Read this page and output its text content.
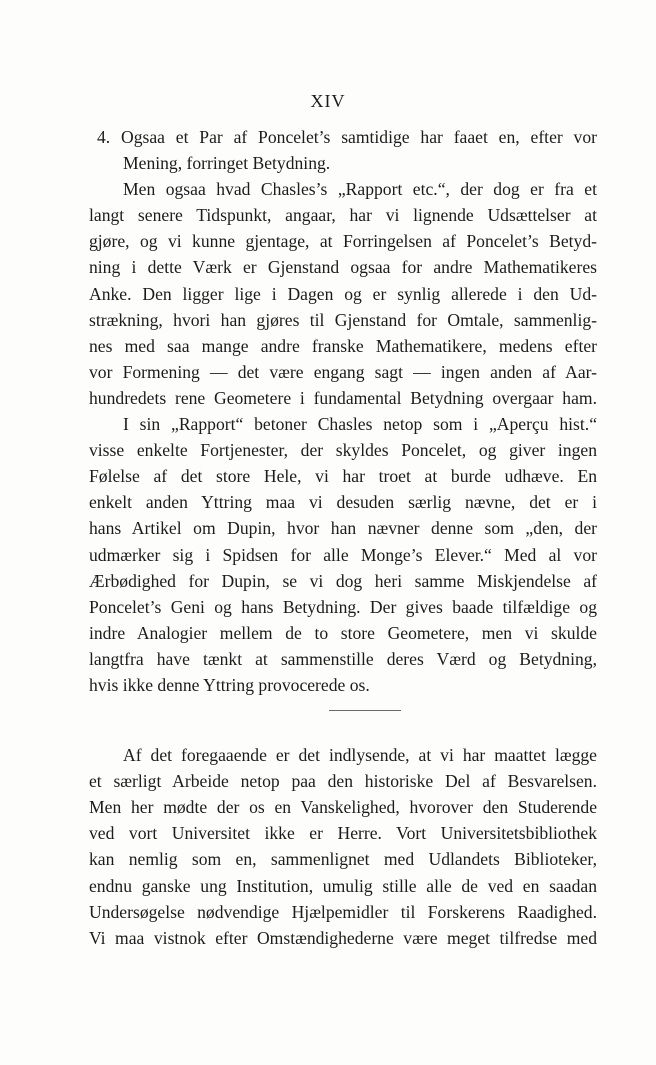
XIV
4. Ogsaa et Par af Poncelet’s samtidige har faaet en, efter vor
Mening, forringet Betydning.
Men ogsaa hvad Chasles’s „Rapport etc.“, der dog er fra et
langt senere Tidspunkt, angaar, har vi lignende Udsættelser at
gjøre, og vi kunne gjentage, at Forringelsen af Poncelet’s Betyd-
ning i dette Værk er Gjenstand ogsaa for andre Mathematikeres
Anke. Den ligger lige i Dagen og er synlig allerede i den Ud-
strækning, hvori han gjøres til Gjenstand for Omtale, sammenlig-
nes med saa mange andre franske Mathematikere, medens efter
vor Formening — det være engang sagt — ingen anden af Aar-
hundredets rene Geometere i fundamental Betydning overgaar ham.
I sin „Rapport“ betoner Chasles netop som i „Aperçu hist.“
visse enkelte Fortjenester, der skyldes Poncelet, og giver ingen
Følelse af det store Hele, vi har troet at burde udhæve. En
enkelt anden Yttring maa vi desuden særlig nævne, det er i
hans Artikel om Dupin, hvor han nævner denne som „den, der
udmærker sig i Spidsen for alle Monge’s Elever.“ Med al vor
Ærbødighed for Dupin, se vi dog heri samme Miskjendelse af
Poncelet’s Geni og hans Betydning. Der gives baade tilfældige og
indre Analogier mellem de to store Geometere, men vi skulde
langtfra have tænkt at sammenstille deres Værd og Betydning,
hvis ikke denne Yttring provocerede os.
Af det foregaaende er det indlysende, at vi har maattet lægge
et særligt Arbeide netop paa den historiske Del af Besvarelsen.
Men her mødte der os en Vanskelighed, hvorover den Studerende
ved vort Universitet ikke er Herre. Vort Universitetsbibliothek
kan nemlig som en, sammenlignet med Udlandets Biblioteker,
endnu ganske ung Institution, umulig stille alle de ved en saadan
Undersøgelse nødvendige Hjælpemidler til Forskerens Raadighed.
Vi maa vistnok efter Omstændighederne være meget tilfredse med
